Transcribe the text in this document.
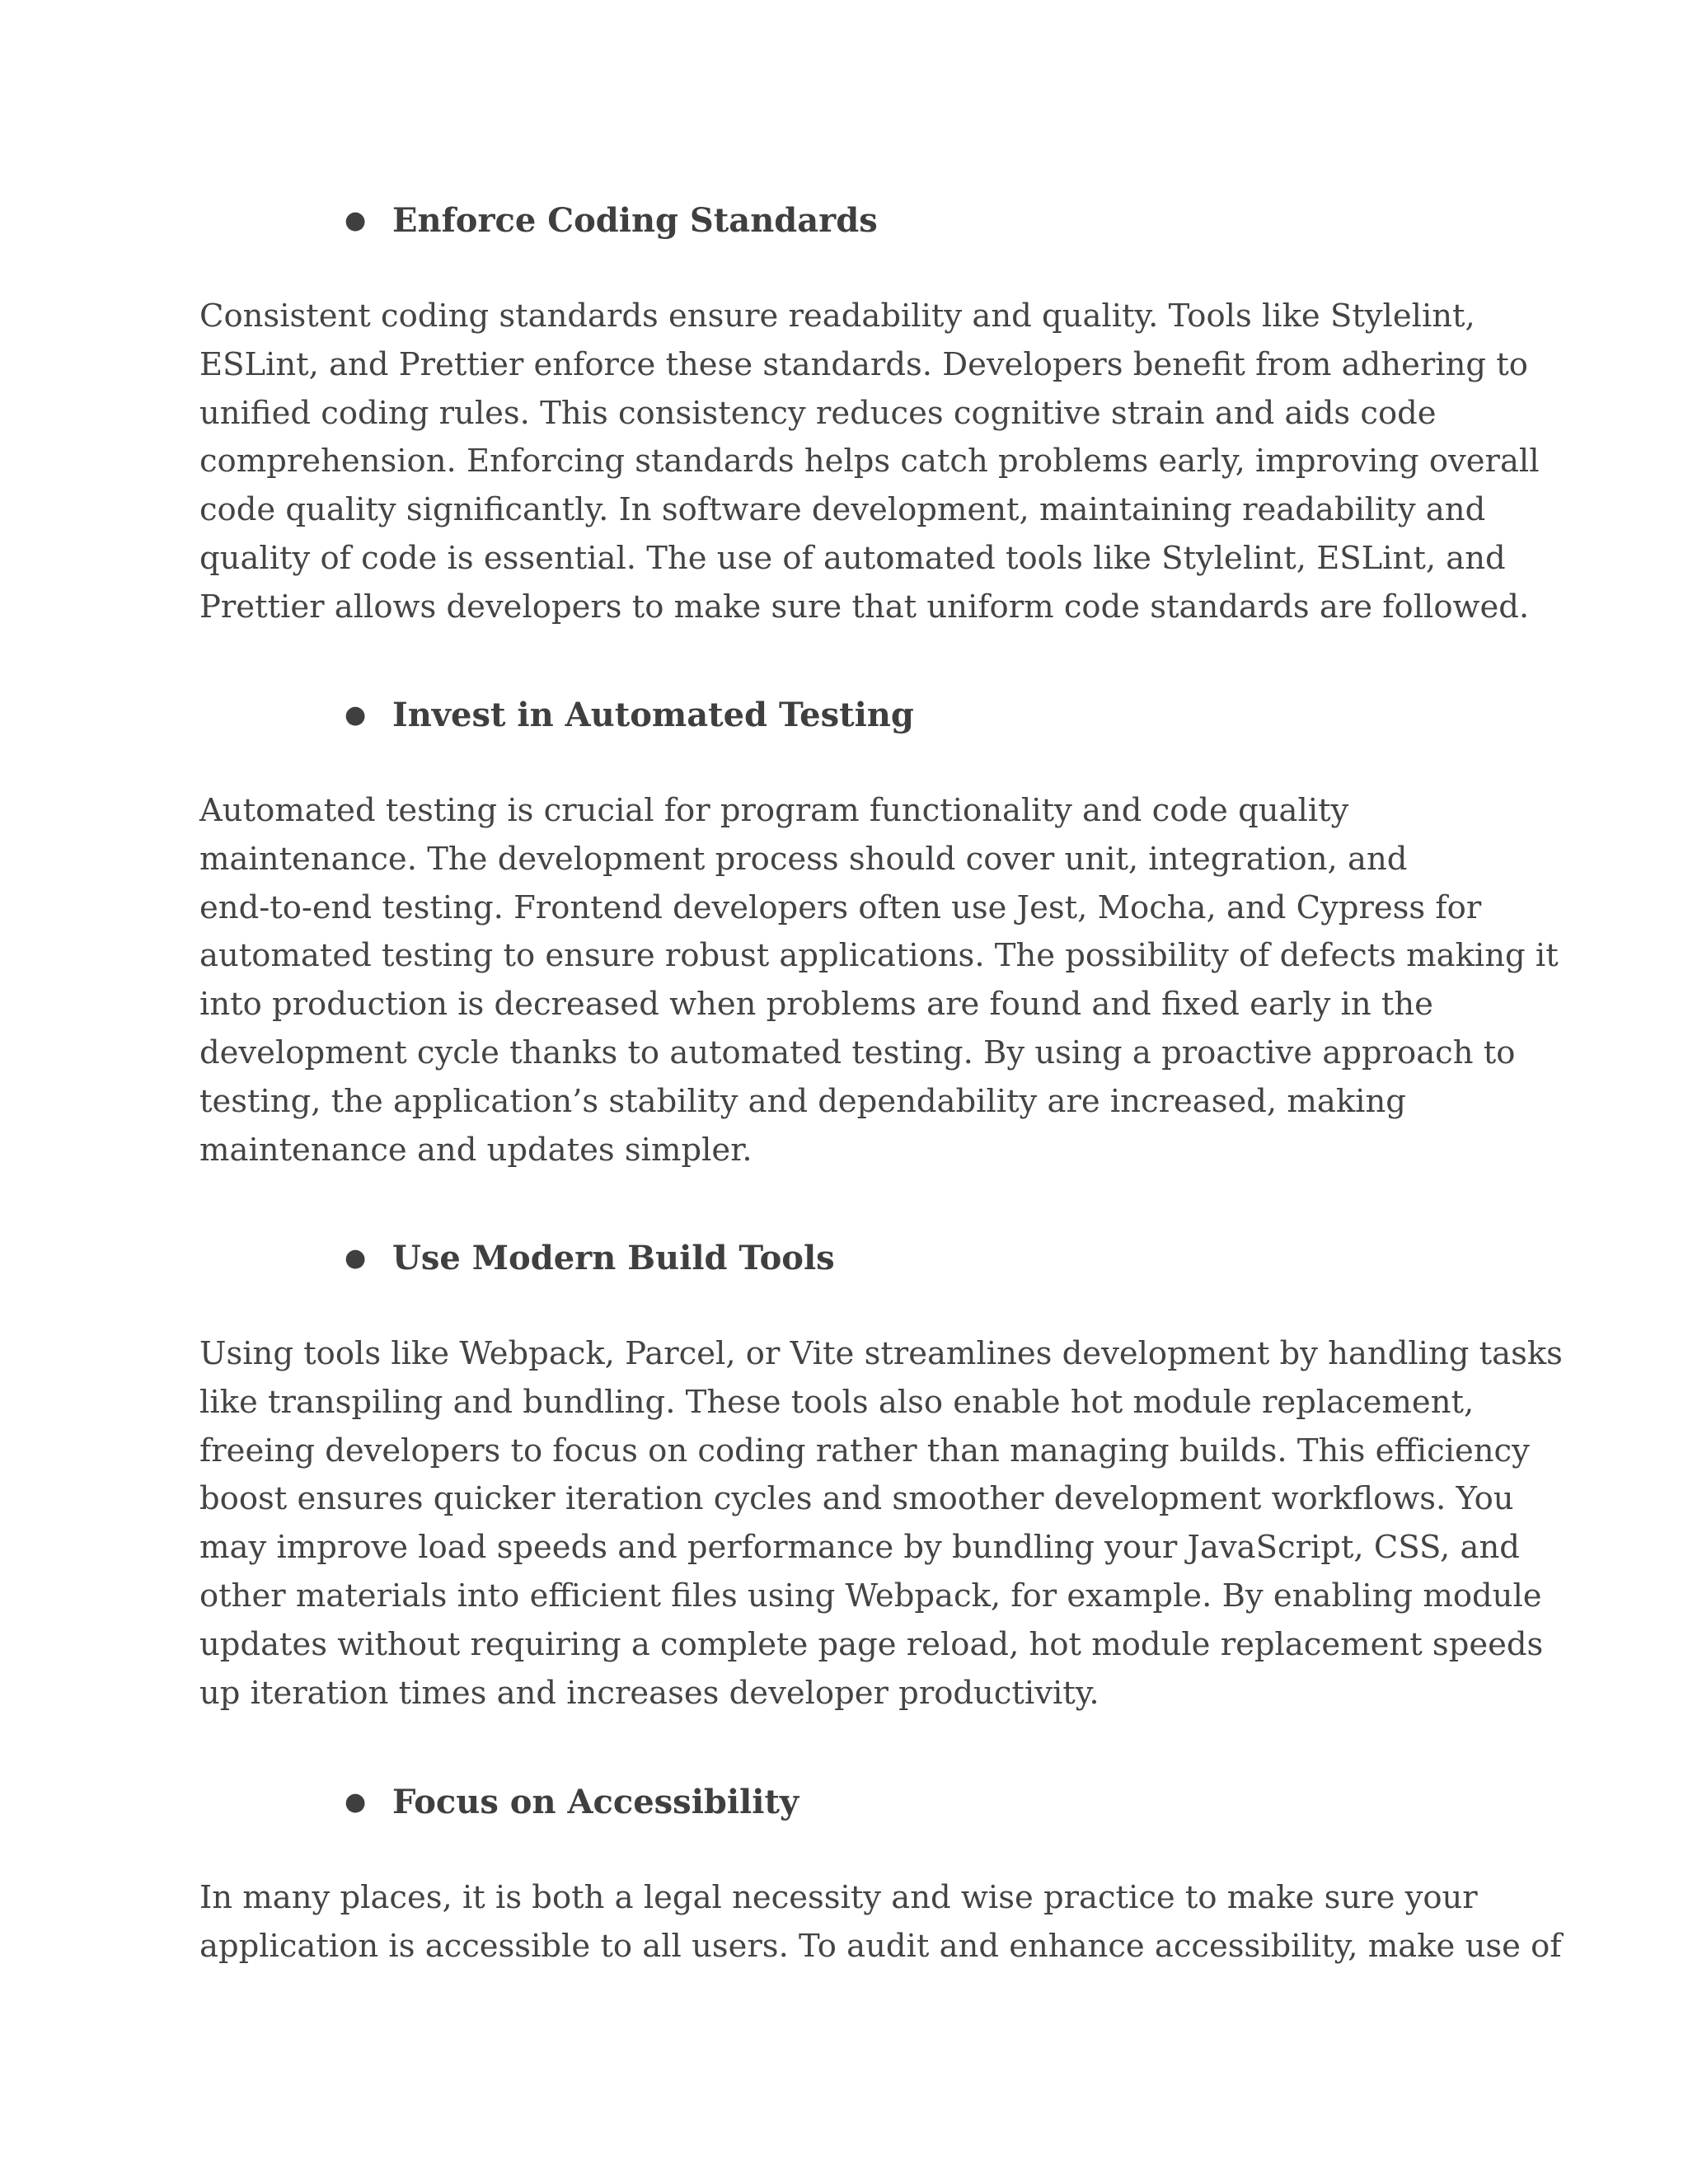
● Enforce Coding Standards

Consistent coding standards ensure readability and quality. Tools like Stylelint,
ESLint, and Prettier enforce these standards. Developers benefit from adhering to
unified coding rules. This consistency reduces cognitive strain and aids code
comprehension. Enforcing standards helps catch problems early, improving overall
code quality significantly. In software development, maintaining readability and
quality of code is essential. The use of automated tools like Stylelint, ESLint, and
Prettier allows developers to make sure that uniform code standards are followed.

● Invest in Automated Testing

Automated testing is crucial for program functionality and code quality
maintenance. The development process should cover unit, integration, and
end-to-end testing. Frontend developers often use Jest, Mocha, and Cypress for
automated testing to ensure robust applications. The possibility of defects making it
into production is decreased when problems are found and fixed early in the
development cycle thanks to automated testing. By using a proactive approach to
testing, the application’s stability and dependability are increased, making
maintenance and updates simpler.

● Use Modern Build Tools

Using tools like Webpack, Parcel, or Vite streamlines development by handling tasks
like transpiling and bundling. These tools also enable hot module replacement,
freeing developers to focus on coding rather than managing builds. This efficiency
boost ensures quicker iteration cycles and smoother development workflows. You
may improve load speeds and performance by bundling your JavaScript, CSS, and
other materials into efficient files using Webpack, for example. By enabling module
updates without requiring a complete page reload, hot module replacement speeds
up iteration times and increases developer productivity.

● Focus on Accessibility

In many places, it is both a legal necessity and wise practice to make sure your
application is accessible to all users. To audit and enhance accessibility, make use of
